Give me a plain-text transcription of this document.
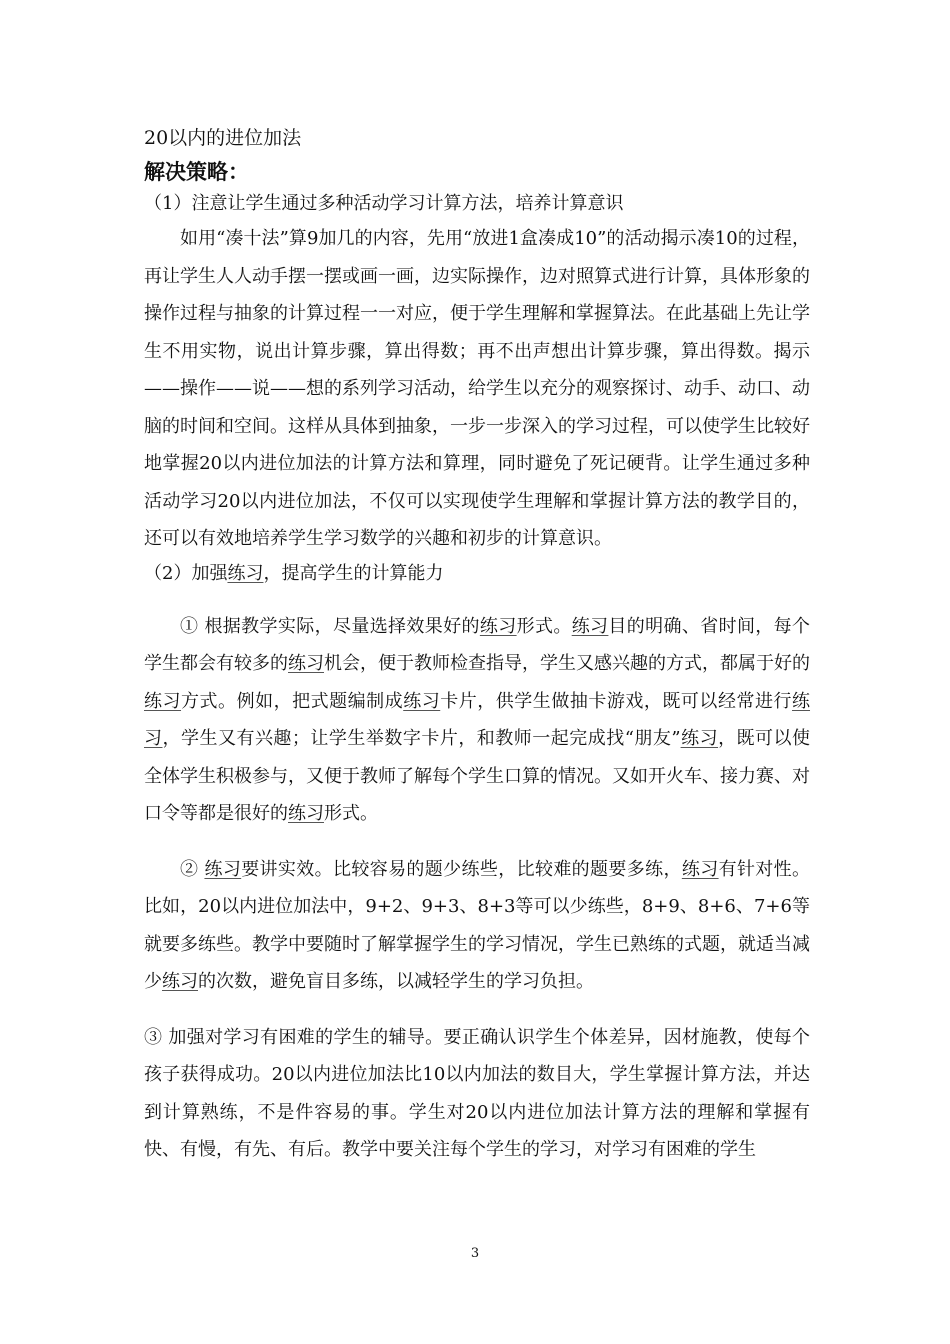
20以内的进位加法

解决策略：

（1）注意让学生通过多种活动学习计算方法，培养计算意识

如用“凑十法”算9加几的内容，先用“放进1盒凑成10”的活动揭示凑10的过程，再让学生人人动手摆一摆或画一画，边实际操作，边对照算式进行计算，具体形象的操作过程与抽象的计算过程一一对应，便于学生理解和掌握算法。在此基础上先让学生不用实物，说出计算步骤，算出得数；再不出声想出计算步骤，算出得数。揭示——操作——说——想的系列学习活动，给学生以充分的观察探讨、动手、动口、动脑的时间和空间。这样从具体到抽象，一步一步深入的学习过程，可以使学生比较好地掌握20以内进位加法的计算方法和算理，同时避免了死记硬背。让学生通过多种活动学习20以内进位加法，不仅可以实现使学生理解和掌握计算方法的教学目的，还可以有效地培养学生学习数学的兴趣和初步的计算意识。

（2）加强练习，提高学生的计算能力

① 根据教学实际，尽量选择效果好的练习形式。练习目的明确、省时间，每个学生都会有较多的练习机会，便于教师检查指导，学生又感兴趣的方式，都属于好的练习方式。例如，把式题编制成练习卡片，供学生做抽卡游戏，既可以经常进行练习，学生又有兴趣；让学生举数字卡片，和教师一起完成找“朋友”练习，既可以使全体学生积极参与，又便于教师了解每个学生口算的情况。又如开火车、接力赛、对口令等都是很好的练习形式。

② 练习要讲实效。比较容易的题少练些，比较难的题要多练，练习有针对性。比如，20以内进位加法中，9+2、9+3、8+3等可以少练些，8+9、8+6、7+6等就要多练些。教学中要随时了解掌握学生的学习情况，学生已熟练的式题，就适当减少练习的次数，避免盲目多练，以减轻学生的学习负担。

③ 加强对学习有困难的学生的辅导。要正确认识学生个体差异，因材施教，使每个孩子获得成功。20以内进位加法比10以内加法的数目大，学生掌握计算方法，并达到计算熟练，不是件容易的事。学生对20以内进位加法计算方法的理解和掌握有快、有慢，有先、有后。教学中要关注每个学生的学习，对学习有困难的学生

3
